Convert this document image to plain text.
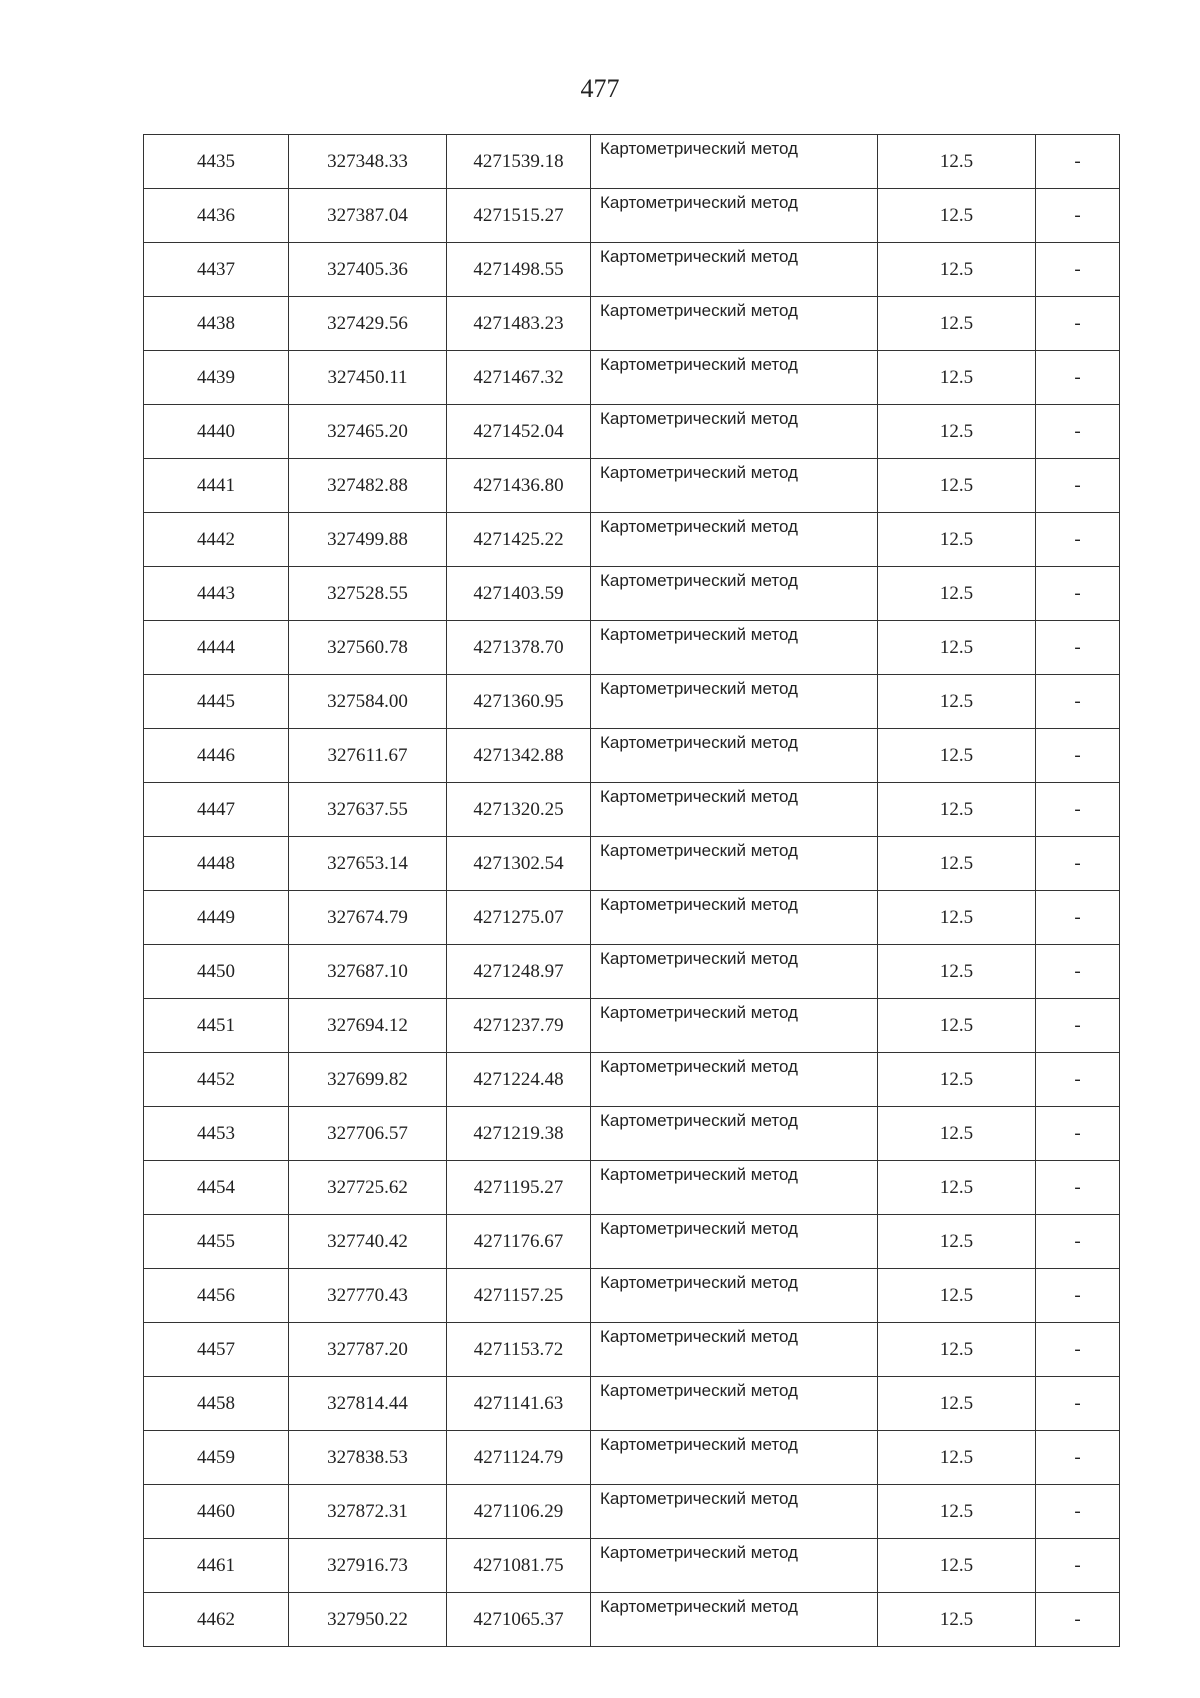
477
4435	327348.33	4271539.18	Картометрический метод	12.5	-
4436	327387.04	4271515.27	Картометрический метод	12.5	-
4437	327405.36	4271498.55	Картометрический метод	12.5	-
4438	327429.56	4271483.23	Картометрический метод	12.5	-
4439	327450.11	4271467.32	Картометрический метод	12.5	-
4440	327465.20	4271452.04	Картометрический метод	12.5	-
4441	327482.88	4271436.80	Картометрический метод	12.5	-
4442	327499.88	4271425.22	Картометрический метод	12.5	-
4443	327528.55	4271403.59	Картометрический метод	12.5	-
4444	327560.78	4271378.70	Картометрический метод	12.5	-
4445	327584.00	4271360.95	Картометрический метод	12.5	-
4446	327611.67	4271342.88	Картометрический метод	12.5	-
4447	327637.55	4271320.25	Картометрический метод	12.5	-
4448	327653.14	4271302.54	Картометрический метод	12.5	-
4449	327674.79	4271275.07	Картометрический метод	12.5	-
4450	327687.10	4271248.97	Картометрический метод	12.5	-
4451	327694.12	4271237.79	Картометрический метод	12.5	-
4452	327699.82	4271224.48	Картометрический метод	12.5	-
4453	327706.57	4271219.38	Картометрический метод	12.5	-
4454	327725.62	4271195.27	Картометрический метод	12.5	-
4455	327740.42	4271176.67	Картометрический метод	12.5	-
4456	327770.43	4271157.25	Картометрический метод	12.5	-
4457	327787.20	4271153.72	Картометрический метод	12.5	-
4458	327814.44	4271141.63	Картометрический метод	12.5	-
4459	327838.53	4271124.79	Картометрический метод	12.5	-
4460	327872.31	4271106.29	Картометрический метод	12.5	-
4461	327916.73	4271081.75	Картометрический метод	12.5	-
4462	327950.22	4271065.37	Картометрический метод	12.5	-
